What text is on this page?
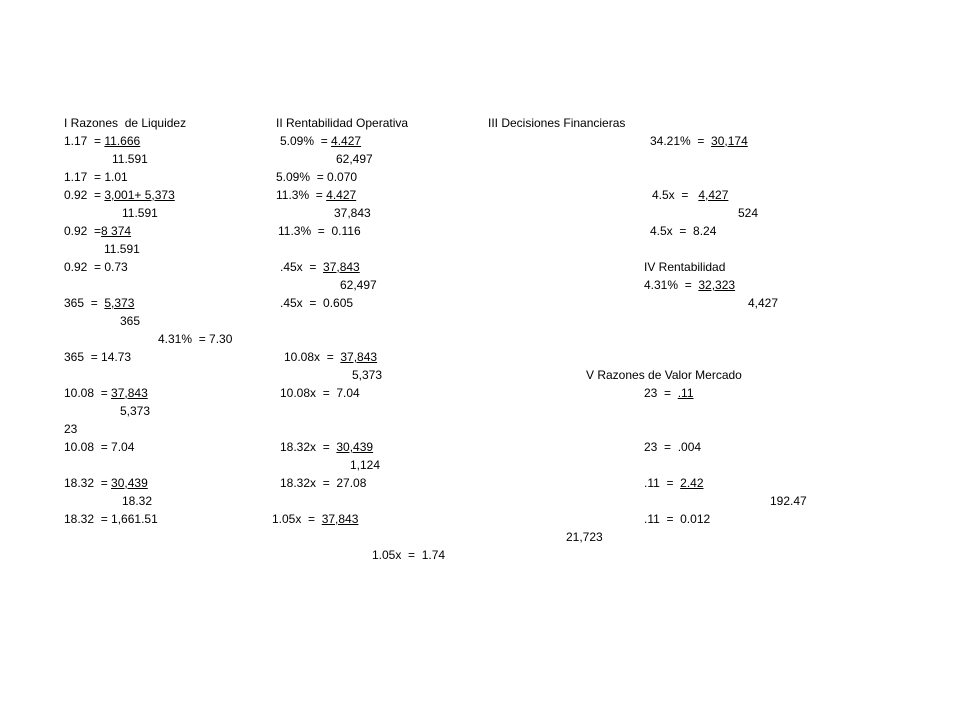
I Razones  de Liquidez
1.17  = 11.666
11.591
1.17  = 1.01
0.92  = 3,001+ 5,373
11.591
0.92  =8 374
11.591
0.92  = 0.73
365  =  5,373
365
4.31%  = 7.30
365  = 14.73
10.08  = 37,843
5,373
23
10.08  = 7.04
18.32  = 30,439
18.32
18.32  = 1,661.51
II Rentabilidad Operativa
5.09%  = 4.427
62,497
5.09%  = 0.070
11.3%  = 4.427
37,843
11.3%  =  0.116
.45x  =  37,843
62,497
.45x  =  0.605
10.08x  =  37,843
5,373
10.08x  =  7.04
18.32x  =  30,439
1,124
18.32x  =  27.08
1.05x  =  37,843
1.05x  =  1.74
III Decisiones Financieras
34.21%  =  30,174
4.5x  =   4,427
524
4.5x  =  8.24
IV Rentabilidad
4.31%  =  32,323
4,427
V Razones de Valor Mercado
23  =  .11
23  =  .004
.11  =  2.42
192.47
.11  =  0.012
21,723
